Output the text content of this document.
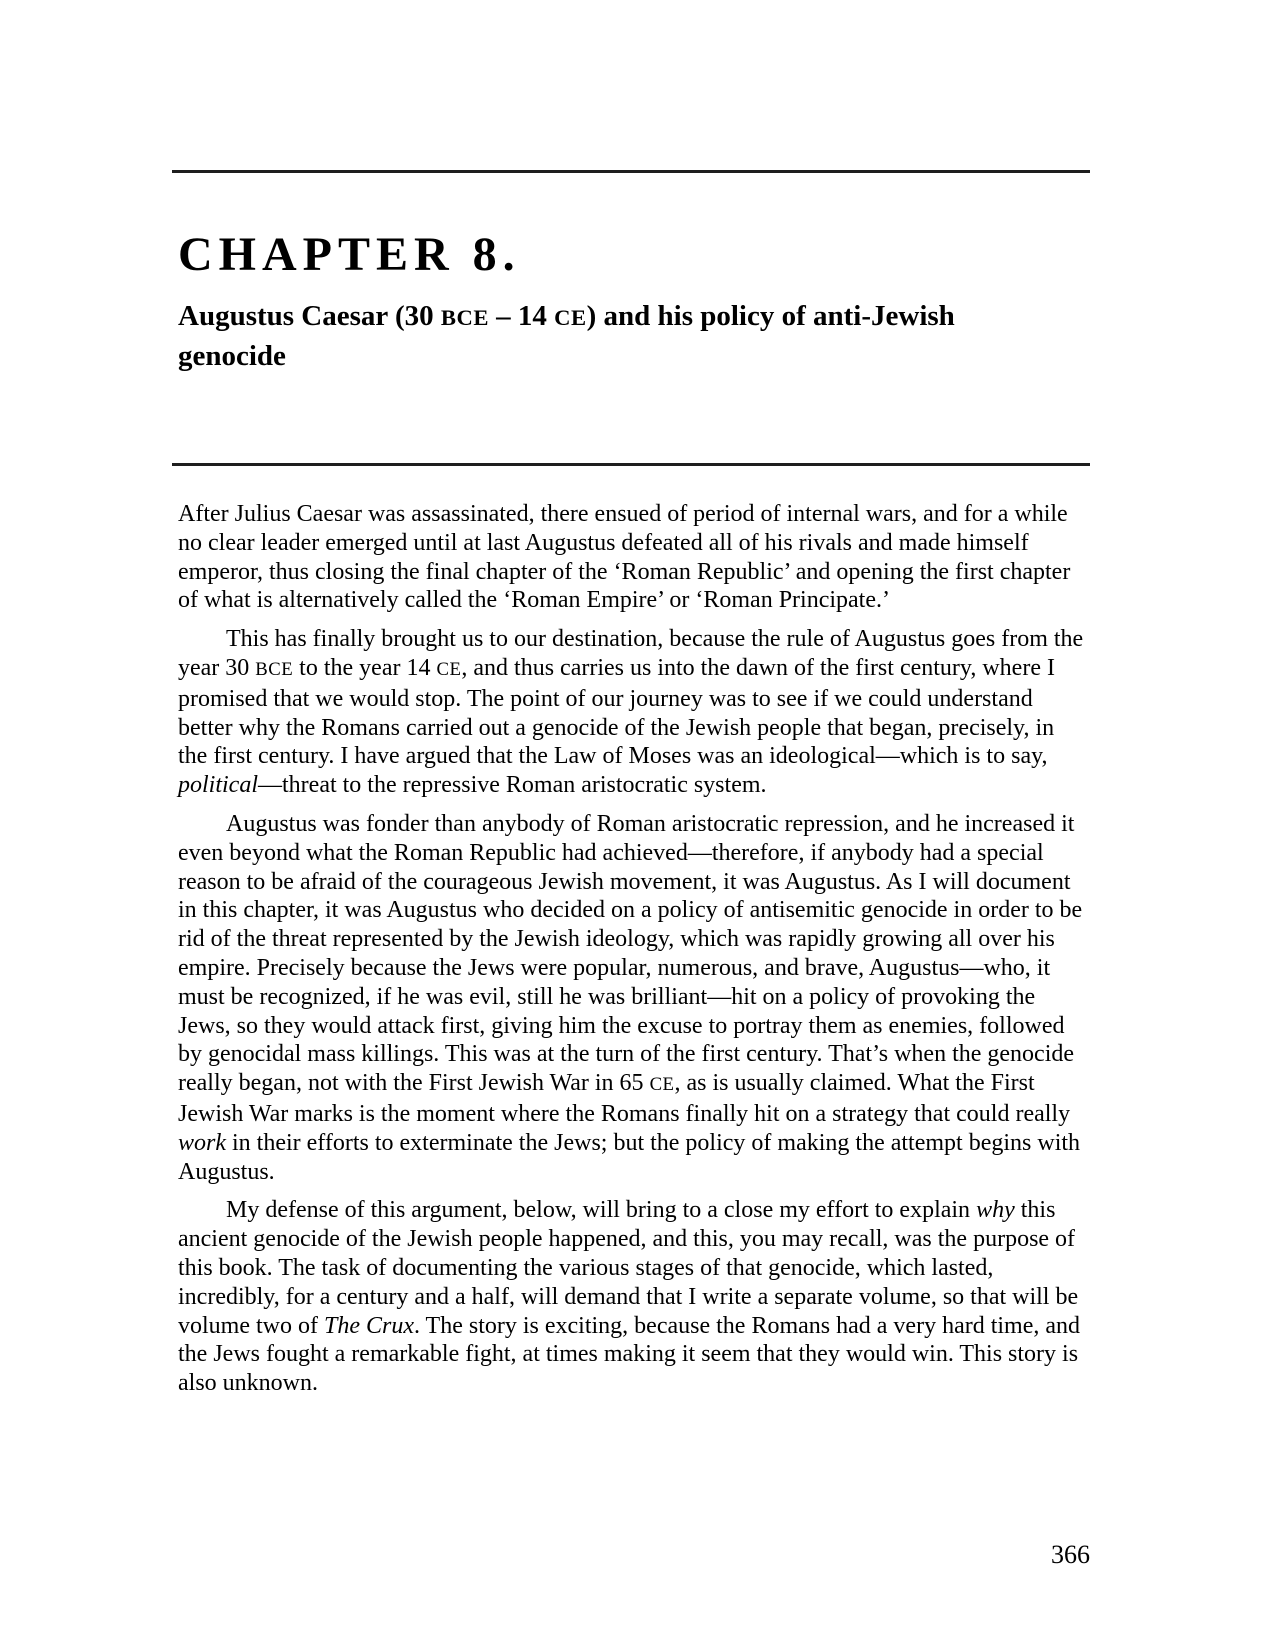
CHAPTER 8.
Augustus Caesar (30 BCE – 14 CE) and his policy of anti-Jewish
genocide

After Julius Caesar was assassinated, there ensued of period of internal wars, and for a while no clear leader emerged until at last Augustus defeated all of his rivals and made himself emperor, thus closing the final chapter of the ‘Roman Republic’ and opening the first chapter of what is alternatively called the ‘Roman Empire’ or ‘Roman Principate.’

This has finally brought us to our destination, because the rule of Augustus goes from the year 30 BCE to the year 14 CE, and thus carries us into the dawn of the first century, where I promised that we would stop. The point of our journey was to see if we could understand better why the Romans carried out a genocide of the Jewish people that began, precisely, in the first century. I have argued that the Law of Moses was an ideological—which is to say, political—threat to the repressive Roman aristocratic system.

Augustus was fonder than anybody of Roman aristocratic repression, and he increased it even beyond what the Roman Republic had achieved—therefore, if anybody had a special reason to be afraid of the courageous Jewish movement, it was Augustus. As I will document in this chapter, it was Augustus who decided on a policy of antisemitic genocide in order to be rid of the threat represented by the Jewish ideology, which was rapidly growing all over his empire. Precisely because the Jews were popular, numerous, and brave, Augustus—who, it must be recognized, if he was evil, still he was brilliant—hit on a policy of provoking the Jews, so they would attack first, giving him the excuse to portray them as enemies, followed by genocidal mass killings. This was at the turn of the first century. That’s when the genocide really began, not with the First Jewish War in 65 CE, as is usually claimed. What the First Jewish War marks is the moment where the Romans finally hit on a strategy that could really work in their efforts to exterminate the Jews; but the policy of making the attempt begins with Augustus.

My defense of this argument, below, will bring to a close my effort to explain why this ancient genocide of the Jewish people happened, and this, you may recall, was the purpose of this book. The task of documenting the various stages of that genocide, which lasted, incredibly, for a century and a half, will demand that I write a separate volume, so that will be volume two of The Crux. The story is exciting, because the Romans had a very hard time, and the Jews fought a remarkable fight, at times making it seem that they would win. This story is also unknown.

366
